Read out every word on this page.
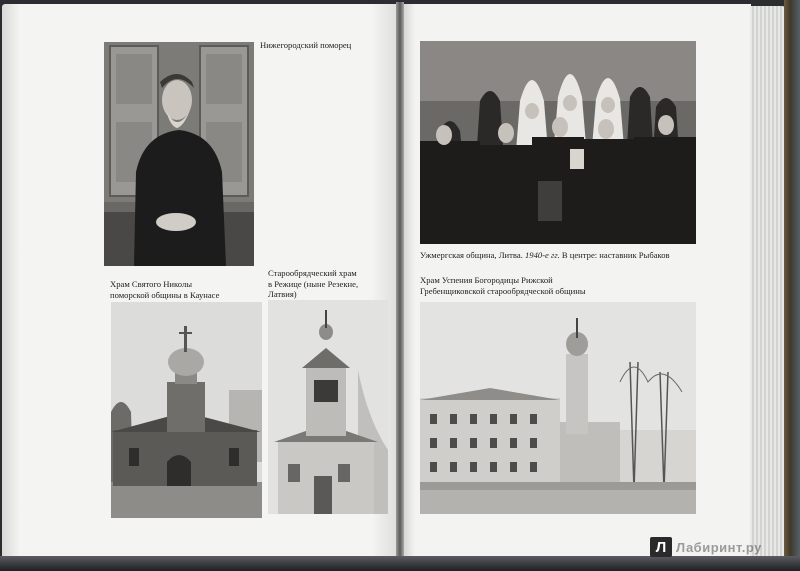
Нижегородский поморец

Храм Святого Николы
поморской общины в Каунасе

Старообрядческий храм
в Режице (ныне Резекне,
Латвия)

Ужмергская община, Литва. 1940-е гг. В центре: наставник Рыбаков

Храм Успения Богородицы Рижской
Гребенщиковской старообрядческой общины

Л Лабиринт.ру
